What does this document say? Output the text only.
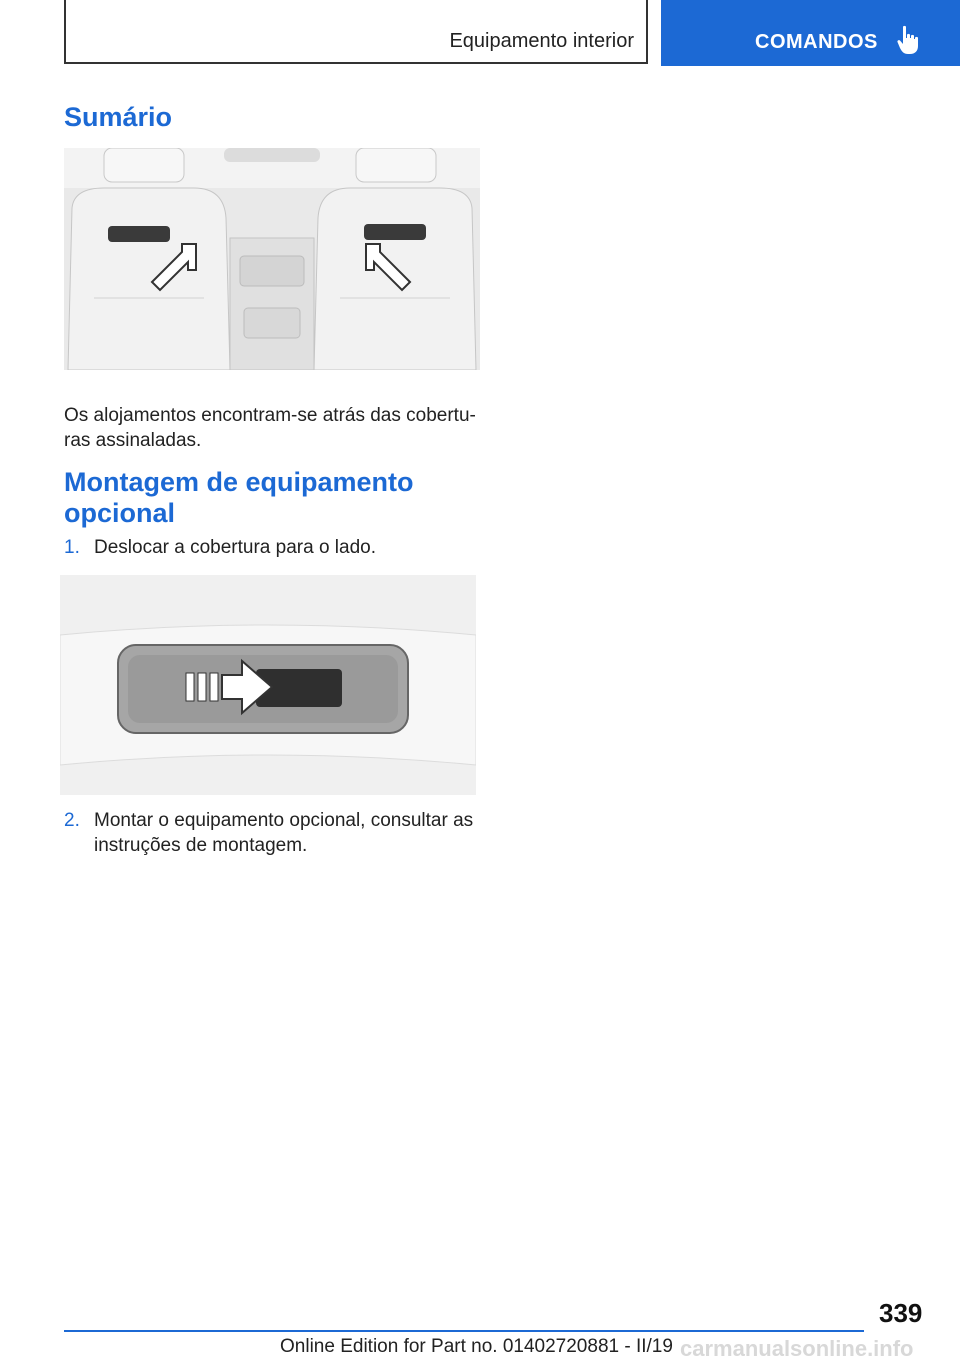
Equipamento interior	COMANDOS
Sumário

Os alojamentos encontram-se atrás das cobertu-ras assinaladas.

Montagem de equipamento opcional
1. Deslocar a cobertura para o lado.
2. Montar o equipamento opcional, consultar as instruções de montagem.
339
Online Edition for Part no. 01402720881 - II/19 carmanualsonline.info
